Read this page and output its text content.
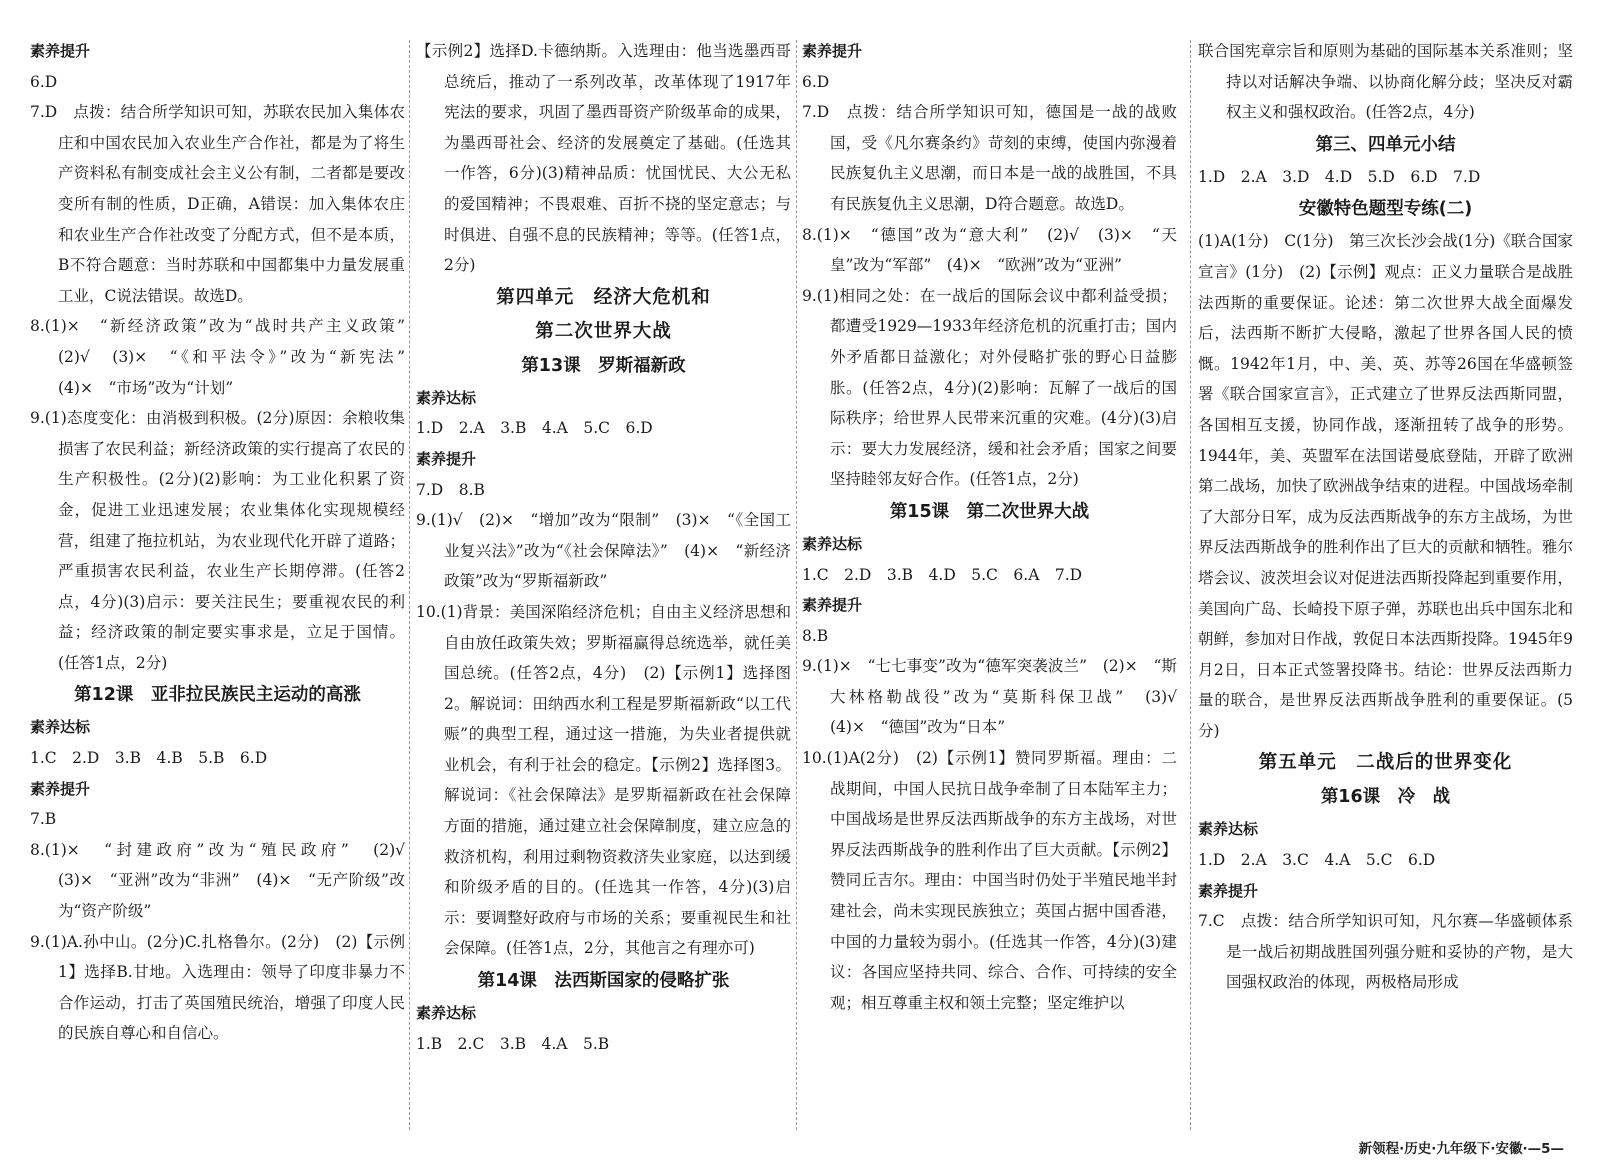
素养提升
6.D
7.D　点拨：结合所学知识可知，苏联农民加入集体农庄和中国农民加入农业生产合作社，都是为了将生产资料私有制变成社会主义公有制，二者都是要改变所有制的性质，D正确，A错误：加入集体农庄和农业生产合作社改变了分配方式，但不是本质，B不符合题意：当时苏联和中国都集中力量发展重工业，C说法错误。故选D。
8.(1)×　“新经济政策”改为“战时共产主义政策”　(2)√　(3)×　“《和平法令》”改为“新宪法”　(4)×　“市场”改为“计划”
9.(1)态度变化：由消极到积极。(2分)原因：余粮收集损害了农民利益；新经济政策的实行提高了农民的生产积极性。(2分)(2)影响：为工业化积累了资金，促进工业迅速发展；农业集体化实现规模经营，组建了拖拉机站，为农业现代化开辟了道路；严重损害农民利益，农业生产长期停滞。(任答2点，4分)(3)启示：要关注民生；要重视农民的利益；经济政策的制定要实事求是，立足于国情。(任答1点，2分)
第12课　亚非拉民族民主运动的高涨
素养达标
1.C　2.D　3.B　4.B　5.B　6.D
素养提升
7.B
8.(1)×　“封建政府”改为“殖民政府”　(2)√　(3)×　“亚洲”改为“非洲”　(4)×　“无产阶级”改为“资产阶级”
9.(1)A.孙中山。(2分)C.扎格鲁尔。(2分)　(2)【示例1】选择B.甘地。入选理由：领导了印度非暴力不合作运动，打击了英国殖民统治，增强了印度人民的民族自尊心和自信心。
【示例2】选择D.卡德纳斯。入选理由：他当选墨西哥总统后，推动了一系列改革，改革体现了1917年宪法的要求，巩固了墨西哥资产阶级革命的成果，为墨西哥社会、经济的发展奠定了基础。(任选其一作答，6分)(3)精神品质：忧国忧民、大公无私的爱国精神；不畏艰难、百折不挠的坚定意志；与时俱进、自强不息的民族精神；等等。(任答1点，2分)
第四单元　经济大危机和
第二次世界大战
第13课　罗斯福新政
素养达标
1.D　2.A　3.B　4.A　5.C　6.D
素养提升
7.D　8.B
9.(1)√　(2)×　“增加”改为“限制”　(3)×　“《全国工业复兴法》”改为“《社会保障法》”　(4)×　“新经济政策”改为“罗斯福新政”
10.(1)背景：美国深陷经济危机；自由主义经济思想和自由放任政策失效；罗斯福赢得总统选举，就任美国总统。(任答2点，4分)　(2)【示例1】选择图2。解说词：田纳西水利工程是罗斯福新政“以工代赈”的典型工程，通过这一措施，为失业者提供就业机会，有利于社会的稳定。【示例2】选择图3。解说词：《社会保障法》是罗斯福新政在社会保障方面的措施，通过建立社会保障制度，建立应急的救济机构，利用过剩物资救济失业家庭，以达到缓和阶级矛盾的目的。(任选其一作答，4分)(3)启示：要调整好政府与市场的关系；要重视民生和社会保障。(任答1点，2分，其他言之有理亦可)
第14课　法西斯国家的侵略扩张
素养达标
1.B　2.C　3.B　4.A　5.B
素养提升
6.D
7.D　点拨：结合所学知识可知，德国是一战的战败国，受《凡尔赛条约》苛刻的束缚，使国内弥漫着民族复仇主义思潮，而日本是一战的战胜国，不具有民族复仇主义思潮，D符合题意。故选D。
8.(1)×　“德国”改为“意大利”　(2)√　(3)×　“天皇”改为“军部”　(4)×　“欧洲”改为“亚洲”
9.(1)相同之处：在一战后的国际会议中都利益受损；都遭受1929—1933年经济危机的沉重打击；国内外矛盾都日益激化；对外侵略扩张的野心日益膨胀。(任答2点，4分)(2)影响：瓦解了一战后的国际秩序；给世界人民带来沉重的灾难。(4分)(3)启示：要大力发展经济，缓和社会矛盾；国家之间要坚持睦邻友好合作。(任答1点，2分)
第15课　第二次世界大战
素养达标
1.C　2.D　3.B　4.D　5.C　6.A　7.D
素养提升
8.B
9.(1)×　“七七事变”改为“德军突袭波兰”　(2)×　“斯大林格勒战役”改为“莫斯科保卫战”　(3)√　(4)×　“德国”改为“日本”
10.(1)A(2分)　(2)【示例1】赞同罗斯福。理由：二战期间，中国人民抗日战争牵制了日本陆军主力；中国战场是世界反法西斯战争的东方主战场，对世界反法西斯战争的胜利作出了巨大贡献。【示例2】赞同丘吉尔。理由：中国当时仍处于半殖民地半封建社会，尚未实现民族独立；英国占据中国香港，中国的力量较为弱小。(任选其一作答，4分)(3)建议：各国应坚持共同、综合、合作、可持续的安全观；相互尊重主权和领土完整；坚定维护以
联合国宪章宗旨和原则为基础的国际基本关系准则；坚持以对话解决争端、以协商化解分歧；坚决反对霸权主义和强权政治。(任答2点，4分)
第三、四单元小结
1.D　2.A　3.D　4.D　5.D　6.D　7.D
安徽特色题型专练(二)
(1)A(1分)　C(1分)　第三次长沙会战(1分)《联合国家宣言》(1分)　(2)【示例】观点：正义力量联合是战胜法西斯的重要保证。论述：第二次世界大战全面爆发后，法西斯不断扩大侵略，激起了世界各国人民的愤慨。1942年1月，中、美、英、苏等26国在华盛顿签署《联合国家宣言》，正式建立了世界反法西斯同盟，各国相互支援，协同作战，逐渐扭转了战争的形势。1944年，美、英盟军在法国诺曼底登陆，开辟了欧洲第二战场，加快了欧洲战争结束的进程。中国战场牵制了大部分日军，成为反法西斯战争的东方主战场，为世界反法西斯战争的胜利作出了巨大的贡献和牺牲。雅尔塔会议、波茨坦会议对促进法西斯投降起到重要作用，美国向广岛、长崎投下原子弹，苏联也出兵中国东北和朝鲜，参加对日作战，敦促日本法西斯投降。1945年9月2日，日本正式签署投降书。结论：世界反法西斯力量的联合，是世界反法西斯战争胜利的重要保证。(5分)
第五单元　二战后的世界变化
第16课　冷　战
素养达标
1.D　2.A　3.C　4.A　5.C　6.D
素养提升
7.C　点拨：结合所学知识可知，凡尔赛—华盛顿体系是一战后初期战胜国列强分赃和妥协的产物，是大国强权政治的体现，两极格局形成
新领程·历史·九年级下·安徽·—5—
